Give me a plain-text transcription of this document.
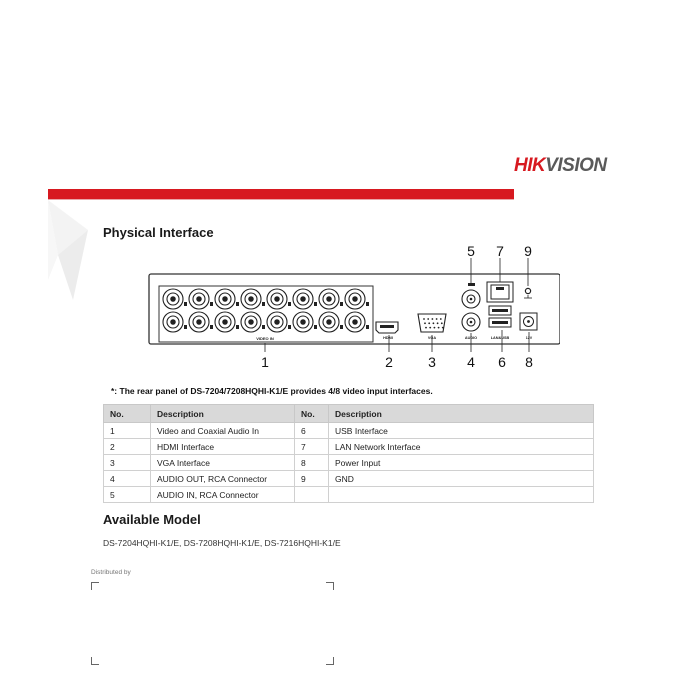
HIKVISION
Physical Interface
VIDEO IN	HDMI	VGA	AUDIO	LAN&USB	12V
1	2	3 4
5
6
7
8
9
*: The rear panel of DS-7204/7208HQHI-K1/E provides 4/8 video input interfaces.
No.	Description	No.	Description
1	Video and Coaxial Audio In	6	USB Interface
2	HDMI Interface	7	LAN Network Interface
3	VGA Interface	8	Power Input
4	AUDIO OUT, RCA Connector	9	GND
5	AUDIO IN, RCA Connector		
Available Model
DS-7204HQHI-K1/E, DS-7208HQHI-K1/E, DS-7216HQHI-K1/E
Distributed by
